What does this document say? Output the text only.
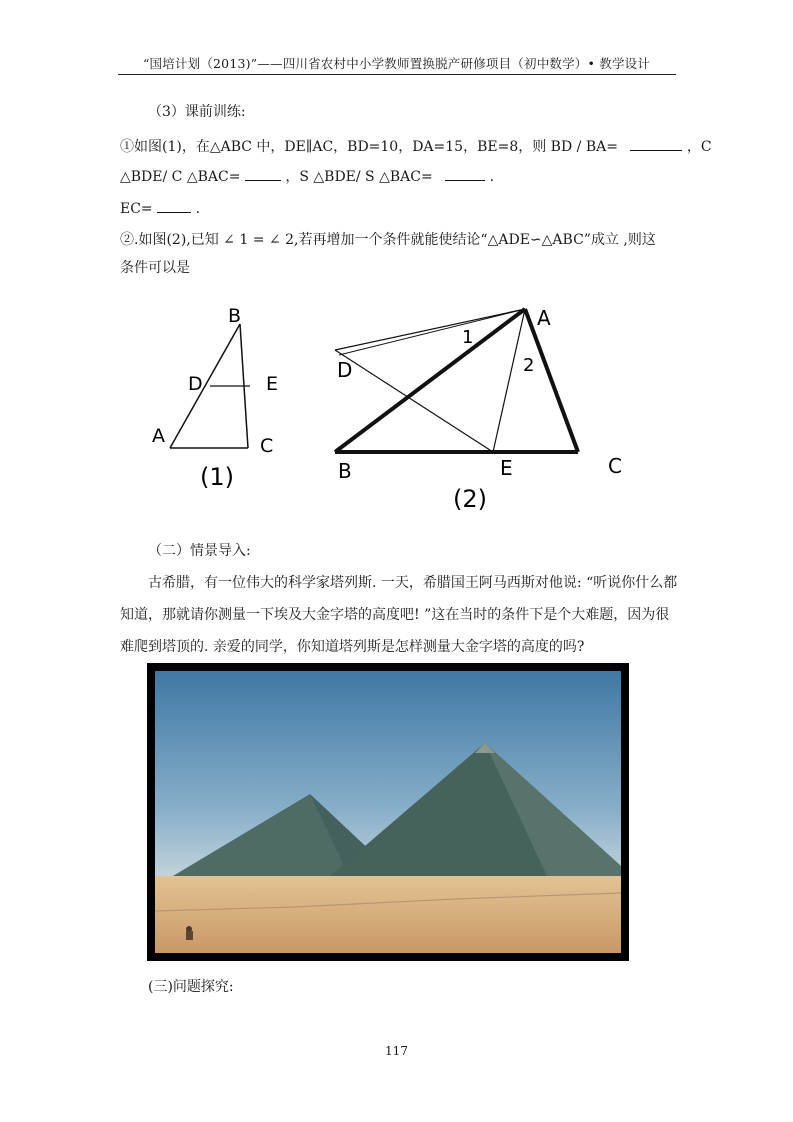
“国培计划（2013)”——四川省农村中小学教师置换脱产研修项目（初中数学）• 教学设计
（3）课前训练:
①如图(1)，在△ABC 中，DE∥AC，BD=10，DA=15，BE=8，则 BD / BA=	，C
△BDE/ C △BAC=	，S △BDE/ S △BAC=	.
EC=	.
②.如图(2),已知 ∠ 1 = ∠ 2,若再增加一个条件就能使结论“△ADE∽△ABC”成立 ,则这
条件可以是
B
D	E
A	C
(1)
A
D
B	E	C
1
2
(2)
（二）情景导入:
古希腊，有一位伟大的科学家塔列斯. 一天，希腊国王阿马西斯对他说: “听说你什么都
知道，那就请你测量一下埃及大金字塔的高度吧! ”这在当时的条件下是个大难题，因为很
难爬到塔顶的. 亲爱的同学，你知道塔列斯是怎样测量大金字塔的高度的吗?
(三)问题探究:
117
